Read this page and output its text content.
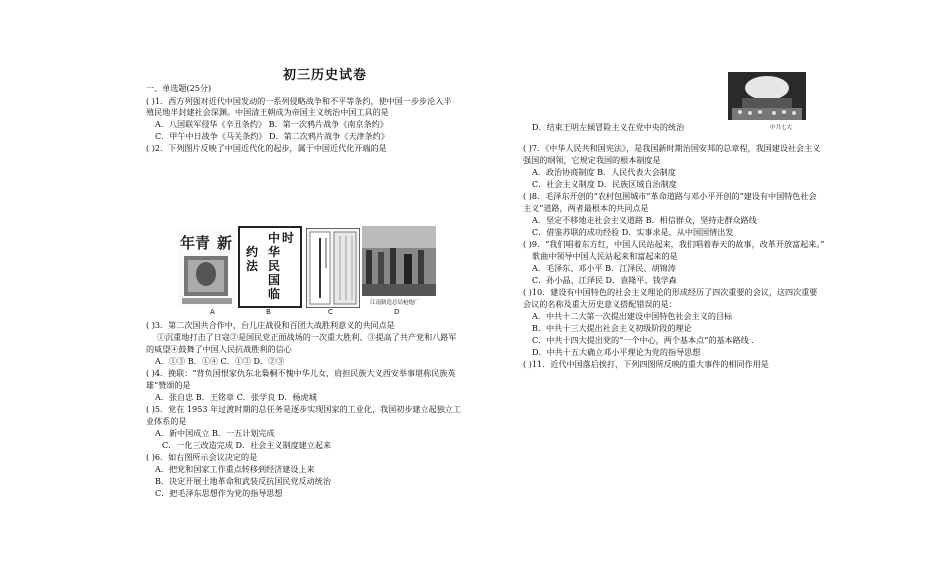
初三历史试卷
一、单选题(25分)
( )1．西方列强对近代中国发动的一系列侵略战争和不平等条约，使中国一步步沦入半
殖民地半封建社会深渊。中国清王朝成为帝国主义统治中国工具的是
A．八国联军侵华《辛丑条约》 B．第一次鸦片战争《南京条约》
C．甲午中日战争《马关条约》 D．第二次鸦片战争《天津条约》
( )2．下列图片反映了中国近代化的起步，属于中国近代化开端的是
( )3．第二次国共合作中，台儿庄战役和百团大战胜利意义的共同点是
①沉重地打击了日寇②是国民党正面战场的一次重大胜利、③提高了共产党和八路军
的威望④鼓舞了中国人民抗战胜利的信心
A．①③ B．①④ C．①② D．②③
( )4．挽联：“背负国恨家仇东北梟桐不愧中华儿女，肩担民族大义西安举事堪称民族英
雄”赞颂的是
A．张自忠 B．王铭章 C．张学良 D．杨虎城
( )5．党在 1953 年过渡时期的总任务是逐步实现国家的工业化，我国初步建立起独立工
业体系的是
A．新中国成立 B．一五计划完成
C．一化三改造完成 D．社会主义制度建立起来
( )6．如右图所示会议决定的是
A．把党和国家工作重点转移到经济建设上来
B．决定开展土地革命和武装反抗国民党反动统治
C．把毛泽东思想作为党的指导思想
年青 新	中
华
民
国
临
时
约
法
江南制造总局枪炮厂
A	B	C	D
中共七大
D．结束王明左倾冒险主义在党中央的统治
( )7．《中华人民共和国宪法》，是我国新时期治国安邦的总章程，我国建设社会主义
强国的纲领，它规定我国的根本制度是
A．政治协商制度 B．人民代表大会制度
C．社会主义制度 D．民族区域自治制度
( )8．毛泽东开创的“农村包围城市”革命道路与邓小平开创的“建设有中国特色社会
主义”道路，两者最根本的共同点是
A．坚定不移地走社会主义道路 B．相信群众，坚持走群众路线
C．借鉴苏联的成功经验 D．实事求是，从中国国情出发
( )9．“我们唱着东方红，中国人民站起来，我们唱着春天的故事，改革开放富起来。”
歌曲中领导中国人民站起来和富起来的是
A．毛泽东、邓小平 B．江泽民、胡锦涛
C．孙小晶、江泽民 D．袁隆平、钱学森
( )10．建设有中国特色的社会主义理论的形成经历了四次重要的会议，这四次重要
会议的名称及重大历史意义搭配错误的是：
A．中共十二大第一次提出建设中国特色社会主义的目标
B．中共十三大提出社会主义初级阶段的理论
C．中共十四大提出党的“一个中心，两个基本点”的基本路线 .
D．中共十五大确立邓小平理论为党的指导思想
( )11．近代中国落后挨打，下列四图所反映的重大事件的相同作用是
